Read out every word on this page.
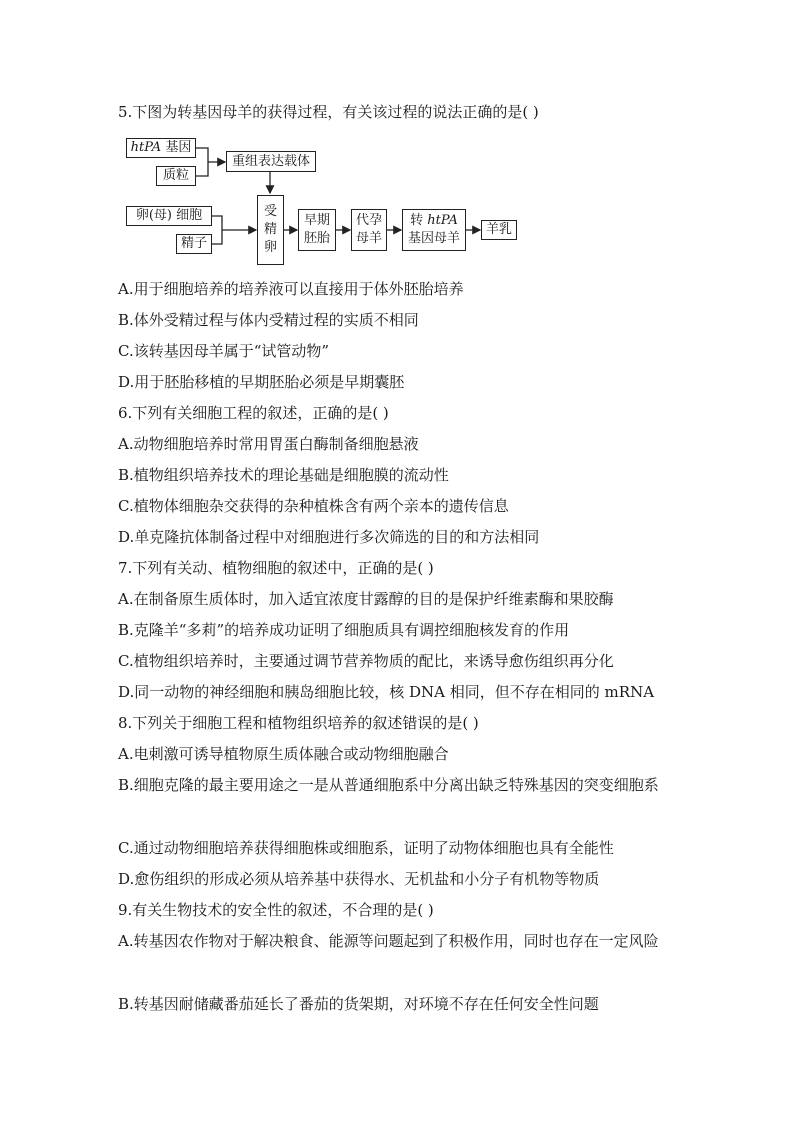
5.下图为转基因母羊的获得过程，有关该过程的说法正确的是( )
htPA 基因
质粒
重组表达载体
卵(母) 细胞
精子
受
精
卵
早期
胚胎
代孕
母羊
转 htPA
基因母羊
羊乳
A.用于细胞培养的培养液可以直接用于体外胚胎培养
B.体外受精过程与体内受精过程的实质不相同
C.该转基因母羊属于“试管动物”
D.用于胚胎移植的早期胚胎必须是早期囊胚
6.下列有关细胞工程的叙述，正确的是( )
A.动物细胞培养时常用胃蛋白酶制备细胞悬液
B.植物组织培养技术的理论基础是细胞膜的流动性
C.植物体细胞杂交获得的杂种植株含有两个亲本的遗传信息
D.单克隆抗体制备过程中对细胞进行多次筛选的目的和方法相同
7.下列有关动、植物细胞的叙述中，正确的是( )
A.在制备原生质体时，加入适宜浓度甘露醇的目的是保护纤维素酶和果胶酶
B.克隆羊“多莉”的培养成功证明了细胞质具有调控细胞核发育的作用
C.植物组织培养时，主要通过调节营养物质的配比，来诱导愈伤组织再分化
D.同一动物的神经细胞和胰岛细胞比较，核 DNA 相同，但不存在相同的 mRNA
8.下列关于细胞工程和植物组织培养的叙述错误的是( )
A.电刺激可诱导植物原生质体融合或动物细胞融合
B.细胞克隆的最主要用途之一是从普通细胞系中分离出缺乏特殊基因的突变细胞系
C.通过动物细胞培养获得细胞株或细胞系，证明了动物体细胞也具有全能性
D.愈伤组织的形成必须从培养基中获得水、无机盐和小分子有机物等物质
9.有关生物技术的安全性的叙述，不合理的是( )
A.转基因农作物对于解决粮食、能源等问题起到了积极作用，同时也存在一定风险
B.转基因耐储藏番茄延长了番茄的货架期，对环境不存在任何安全性问题
